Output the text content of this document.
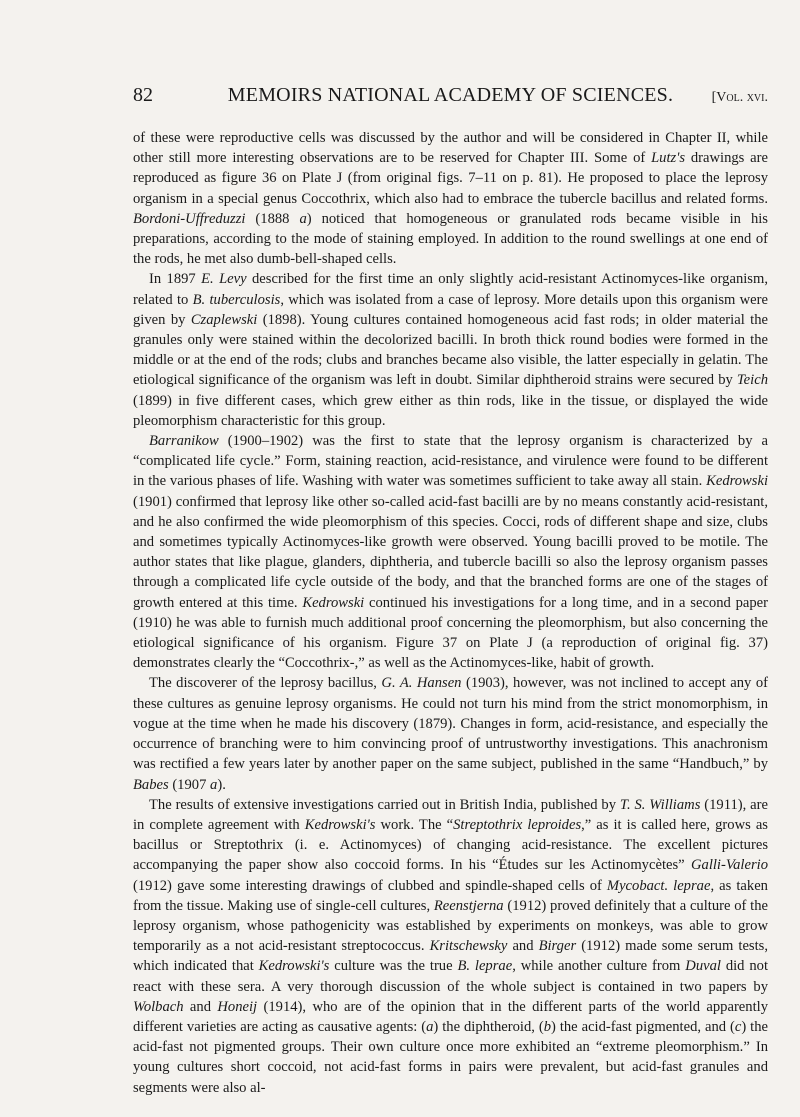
82	MEMOIRS NATIONAL ACADEMY OF SCIENCES.	[Vol. xvi.

of these were reproductive cells was discussed by the author and will be considered in Chapter II, while other still more interesting observations are to be reserved for Chapter III. Some of Lutz's drawings are reproduced as figure 36 on Plate J (from original figs. 7–11 on p. 81). He proposed to place the leprosy organism in a special genus Coccothrix, which also had to embrace the tubercle bacillus and related forms. Bordoni-Uffreduzzi (1888 a) noticed that homogeneous or granulated rods became visible in his preparations, according to the mode of staining employed. In addition to the round swellings at one end of the rods, he met also dumb-bell-shaped cells.

In 1897 E. Levy described for the first time an only slightly acid-resistant Actinomyces-like organism, related to B. tuberculosis, which was isolated from a case of leprosy. More details upon this organism were given by Czaplewski (1898). Young cultures contained homogeneous acid fast rods; in older material the granules only were stained within the decolorized bacilli. In broth thick round bodies were formed in the middle or at the end of the rods; clubs and branches became also visible, the latter especially in gelatin. The etiological significance of the organism was left in doubt. Similar diphtheroid strains were secured by Teich (1899) in five different cases, which grew either as thin rods, like in the tissue, or displayed the wide pleomorphism characteristic for this group.

Barranikow (1900–1902) was the first to state that the leprosy organism is characterized by a “complicated life cycle.” Form, staining reaction, acid-resistance, and virulence were found to be different in the various phases of life. Washing with water was sometimes sufficient to take away all stain. Kedrowski (1901) confirmed that leprosy like other so-called acid-fast bacilli are by no means constantly acid-resistant, and he also confirmed the wide pleomorphism of this species. Cocci, rods of different shape and size, clubs and sometimes typically Actinomyces-like growth were observed. Young bacilli proved to be motile. The author states that like plague, glanders, diphtheria, and tubercle bacilli so also the leprosy organism passes through a complicated life cycle outside of the body, and that the branched forms are one of the stages of growth entered at this time. Kedrowski continued his investigations for a long time, and in a second paper (1910) he was able to furnish much additional proof concerning the pleomorphism, but also concerning the etiological significance of his organism. Figure 37 on Plate J (a reproduction of original fig. 37) demonstrates clearly the “Coccothrix-,” as well as the Actinomyces-like, habit of growth.

The discoverer of the leprosy bacillus, G. A. Hansen (1903), however, was not inclined to accept any of these cultures as genuine leprosy organisms. He could not turn his mind from the strict monomorphism, in vogue at the time when he made his discovery (1879). Changes in form, acid-resistance, and especially the occurrence of branching were to him convincing proof of untrustworthy investigations. This anachronism was rectified a few years later by another paper on the same subject, published in the same “Handbuch,” by Babes (1907 a).

The results of extensive investigations carried out in British India, published by T. S. Williams (1911), are in complete agreement with Kedrowski's work. The “Streptothrix leproides,” as it is called here, grows as bacillus or Streptothrix (i. e. Actinomyces) of changing acid-resistance. The excellent pictures accompanying the paper show also coccoid forms. In his “Études sur les Actinomycètes” Galli-Valerio (1912) gave some interesting drawings of clubbed and spindle-shaped cells of Mycobact. leprae, as taken from the tissue. Making use of single-cell cultures, Reenstjerna (1912) proved definitely that a culture of the leprosy organism, whose pathogenicity was established by experiments on monkeys, was able to grow temporarily as a not acid-resistant streptococcus. Kritschewsky and Birger (1912) made some serum tests, which indicated that Kedrowski's culture was the true B. leprae, while another culture from Duval did not react with these sera. A very thorough discussion of the whole subject is contained in two papers by Wolbach and Honeij (1914), who are of the opinion that in the different parts of the world apparently different varieties are acting as causative agents: (a) the diphtheroid, (b) the acid-fast pigmented, and (c) the acid-fast not pigmented groups. Their own culture once more exhibited an “extreme pleomorphism.” In young cultures short coccoid, not acid-fast forms in pairs were prevalent, but acid-fast granules and segments were also al-
